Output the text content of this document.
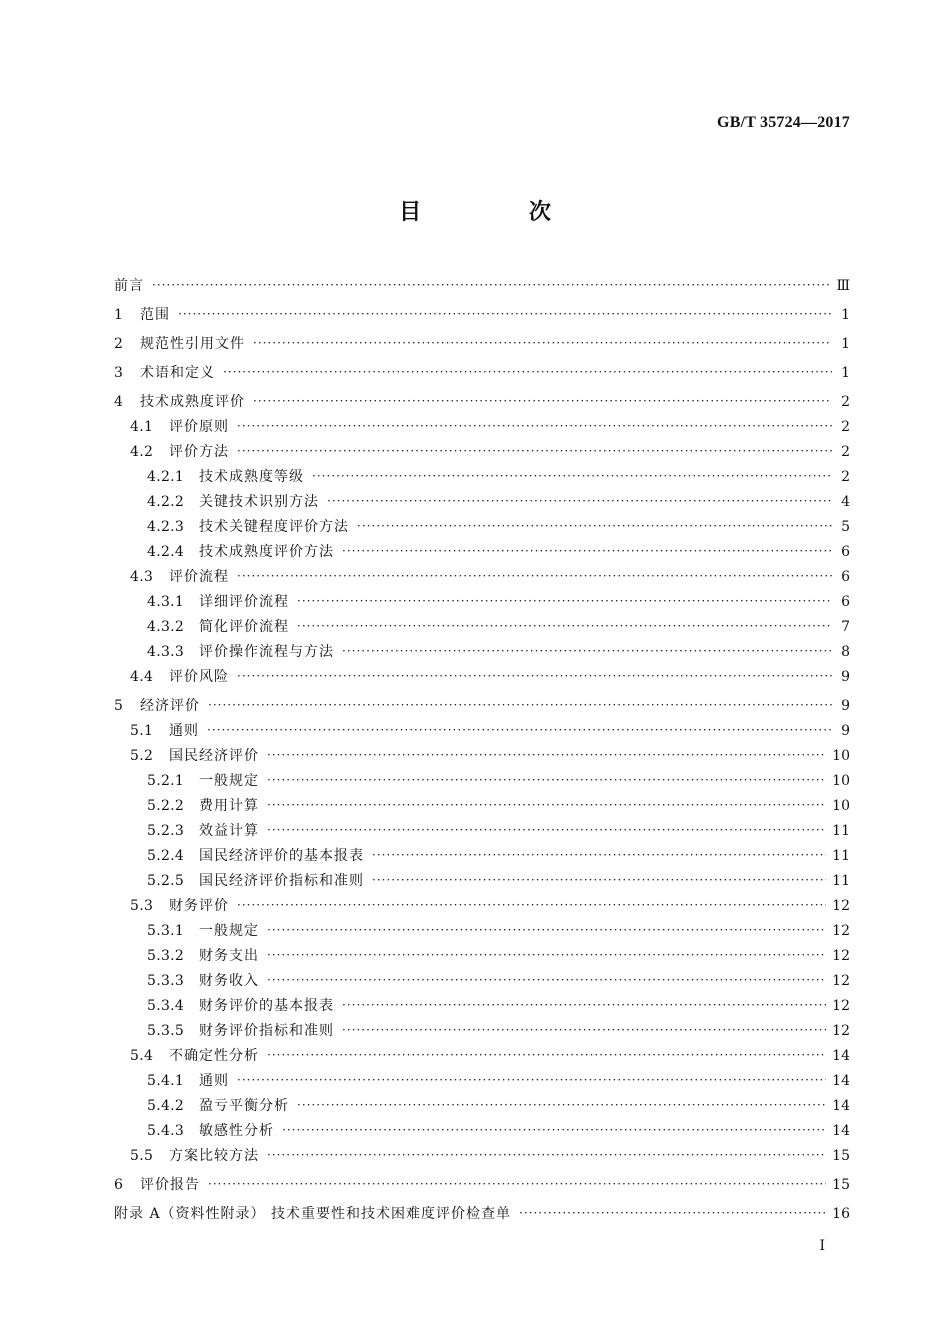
GB/T 35724—2017
目 次
前言 ·····	Ⅲ
1	范围 ·····	1
2	规范性引用文件 ·····	1
3	术语和定义 ·····	1
4	技术成熟度评价 ·····	2
4.1 评价原则 ·····	2
4.2 评价方法 ·····	2
4.2.1 技术成熟度等级 ·····	2
4.2.2 关键技术识别方法 ·····	4
4.2.3 技术关键程度评价方法 ·····	5
4.2.4 技术成熟度评价方法 ·····	6
4.3 评价流程 ·····	6
4.3.1 详细评价流程 ·····	6
4.3.2 简化评价流程 ·····	7
4.3.3 评价操作流程与方法 ·····	8
4.4 评价风险 ·····	9
5	经济评价 ·····	9
5.1 通则 ·····	9
5.2 国民经济评价 ·····	10
5.2.1 一般规定 ·····	10
5.2.2 费用计算 ·····	10
5.2.3 效益计算 ·····	11
5.2.4 国民经济评价的基本报表 ·····	11
5.2.5 国民经济评价指标和准则 ·····	11
5.3 财务评价 ·····	12
5.3.1 一般规定 ·····	12
5.3.2 财务支出 ·····	12
5.3.3 财务收入 ·····	12
5.3.4 财务评价的基本报表 ·····	12
5.3.5 财务评价指标和准则 ·····	12
5.4 不确定性分析 ·····	14
5.4.1 通则 ·····	14
5.4.2 盈亏平衡分析 ·····	14
5.4.3 敏感性分析 ·····	14
5.5 方案比较方法 ·····	15
6	评价报告 ·····	15
附录 A（资料性附录） 技术重要性和技术困难度评价检查单 ·····	16
I
